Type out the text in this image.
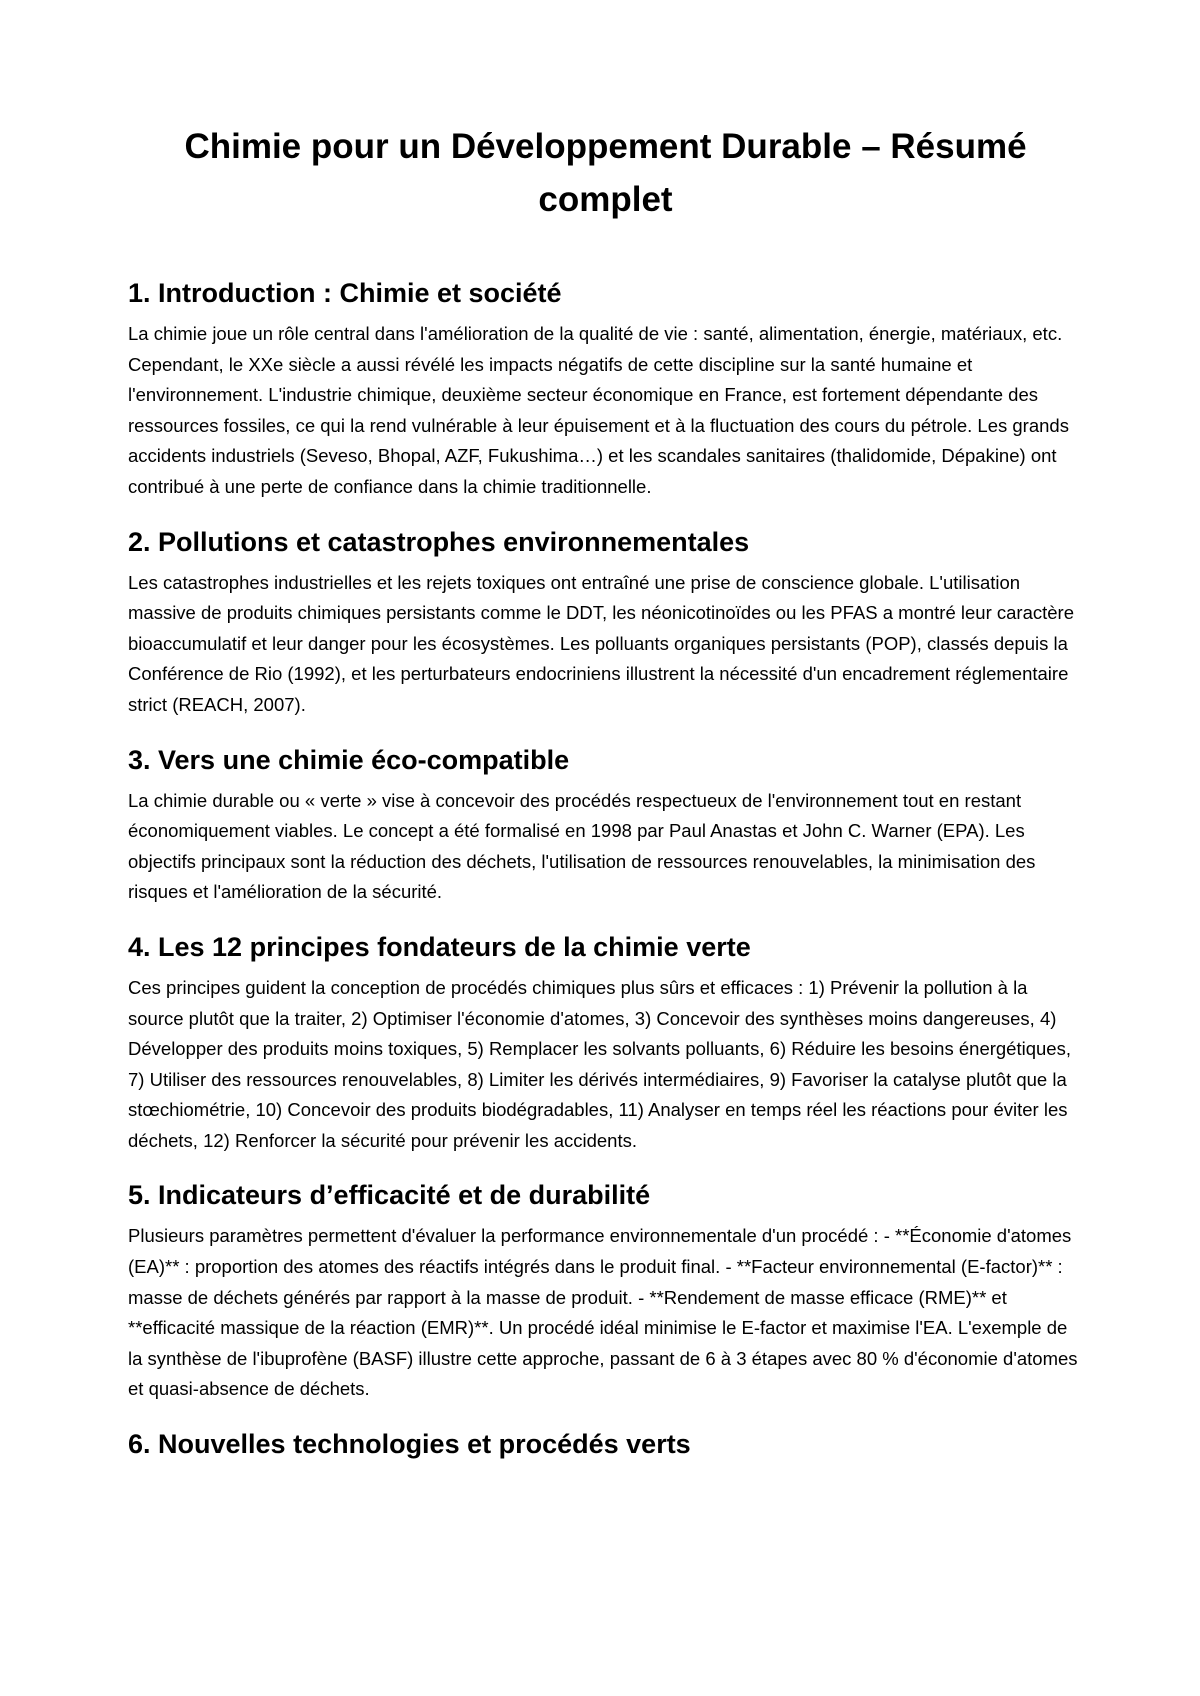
Chimie pour un Développement Durable – Résumé complet
1. Introduction : Chimie et société

La chimie joue un rôle central dans l'amélioration de la qualité de vie : santé, alimentation, énergie, matériaux, etc. Cependant, le XXe siècle a aussi révélé les impacts négatifs de cette discipline sur la santé humaine et l'environnement. L'industrie chimique, deuxième secteur économique en France, est fortement dépendante des ressources fossiles, ce qui la rend vulnérable à leur épuisement et à la fluctuation des cours du pétrole. Les grands accidents industriels (Seveso, Bhopal, AZF, Fukushima…) et les scandales sanitaires (thalidomide, Dépakine) ont contribué à une perte de confiance dans la chimie traditionnelle.

2. Pollutions et catastrophes environnementales

Les catastrophes industrielles et les rejets toxiques ont entraîné une prise de conscience globale. L'utilisation massive de produits chimiques persistants comme le DDT, les néonicotinoïdes ou les PFAS a montré leur caractère bioaccumulatif et leur danger pour les écosystèmes. Les polluants organiques persistants (POP), classés depuis la Conférence de Rio (1992), et les perturbateurs endocriniens illustrent la nécessité d'un encadrement réglementaire strict (REACH, 2007).

3. Vers une chimie éco-compatible

La chimie durable ou « verte » vise à concevoir des procédés respectueux de l'environnement tout en restant économiquement viables. Le concept a été formalisé en 1998 par Paul Anastas et John C. Warner (EPA). Les objectifs principaux sont la réduction des déchets, l'utilisation de ressources renouvelables, la minimisation des risques et l'amélioration de la sécurité.

4. Les 12 principes fondateurs de la chimie verte

Ces principes guident la conception de procédés chimiques plus sûrs et efficaces : 1) Prévenir la pollution à la source plutôt que la traiter, 2) Optimiser l'économie d'atomes, 3) Concevoir des synthèses moins dangereuses, 4) Développer des produits moins toxiques, 5) Remplacer les solvants polluants, 6) Réduire les besoins énergétiques, 7) Utiliser des ressources renouvelables, 8) Limiter les dérivés intermédiaires, 9) Favoriser la catalyse plutôt que la stœchiométrie, 10) Concevoir des produits biodégradables, 11) Analyser en temps réel les réactions pour éviter les déchets, 12) Renforcer la sécurité pour prévenir les accidents.

5. Indicateurs d’efficacité et de durabilité

Plusieurs paramètres permettent d'évaluer la performance environnementale d'un procédé : - **Économie d'atomes (EA)** : proportion des atomes des réactifs intégrés dans le produit final. - **Facteur environnemental (E-factor)** : masse de déchets générés par rapport à la masse de produit. - **Rendement de masse efficace (RME)** et **efficacité massique de la réaction (EMR)**. Un procédé idéal minimise le E-factor et maximise l'EA. L'exemple de la synthèse de l'ibuprofène (BASF) illustre cette approche, passant de 6 à 3 étapes avec 80 % d'économie d'atomes et quasi-absence de déchets.

6. Nouvelles technologies et procédés verts
